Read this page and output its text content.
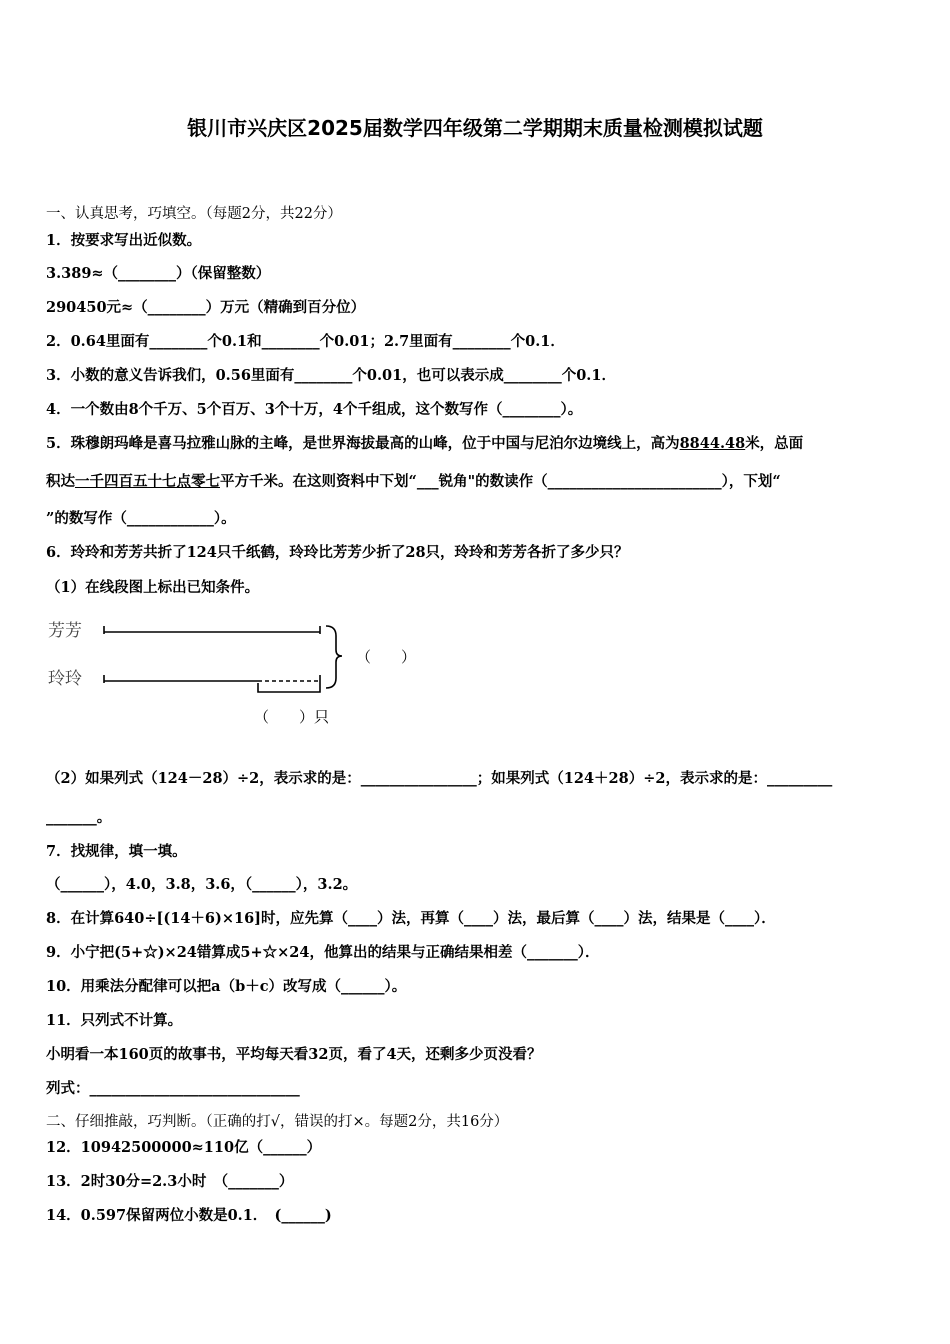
银川市兴庆区2025届数学四年级第二学期期末质量检测模拟试题
一、认真思考，巧填空。（每题2分，共22分）
1．按要求写出近似数。
3.389≈（________）（保留整数）
290450元≈（________）万元（精确到百分位）
2．0.64里面有________个0.1和________个0.01；2.7里面有________个0.1．
3．小数的意义告诉我们，0.56里面有________个0.01，也可以表示成________个0.1．
4．一个数由8个千万、5个百万、3个十万，4个千组成，这个数写作（________）。
5．珠穆朗玛峰是喜马拉雅山脉的主峰，是世界海拔最高的山峰，位于中国与尼泊尔边境线上，高为8844.48米，总面
积达一千四百五十七点零七平方千米。在这则资料中下划“___锐角"的数读作（________________________），下划“
”的数写作（____________）。
6．玲玲和芳芳共折了124只千纸鹤，玲玲比芳芳少折了28只，玲玲和芳芳各折了多少只？
（1）在线段图上标出已知条件。
芳芳
玲玲
（　　）
（　　）只
（2）如果列式（124－28）÷2，表示求的是：________________；如果列式（124＋28）÷2，表示求的是：_________
_______。
7．找规律，填一填。
（______），4.0，3.8，3.6，（______），3.2。
8．在计算640÷[(14＋6)×16]时，应先算（____）法，再算（____）法，最后算（____）法，结果是（____）．
9．小宁把(5+☆)×24错算成5+☆×24，他算出的结果与正确结果相差（_______）．
10．用乘法分配律可以把a（b＋c）改写成（______）。
11．只列式不计算。
小明看一本160页的故事书，平均每天看32页，看了4天，还剩多少页没看？
列式：_____________________________
二、仔细推敲，巧判断。（正确的打√，错误的打×。每题2分，共16分）
12．10942500000≈110亿（______）
13．2时30分=2.3小时　（_______）
14．0.597保留两位小数是0.1．　(______)
